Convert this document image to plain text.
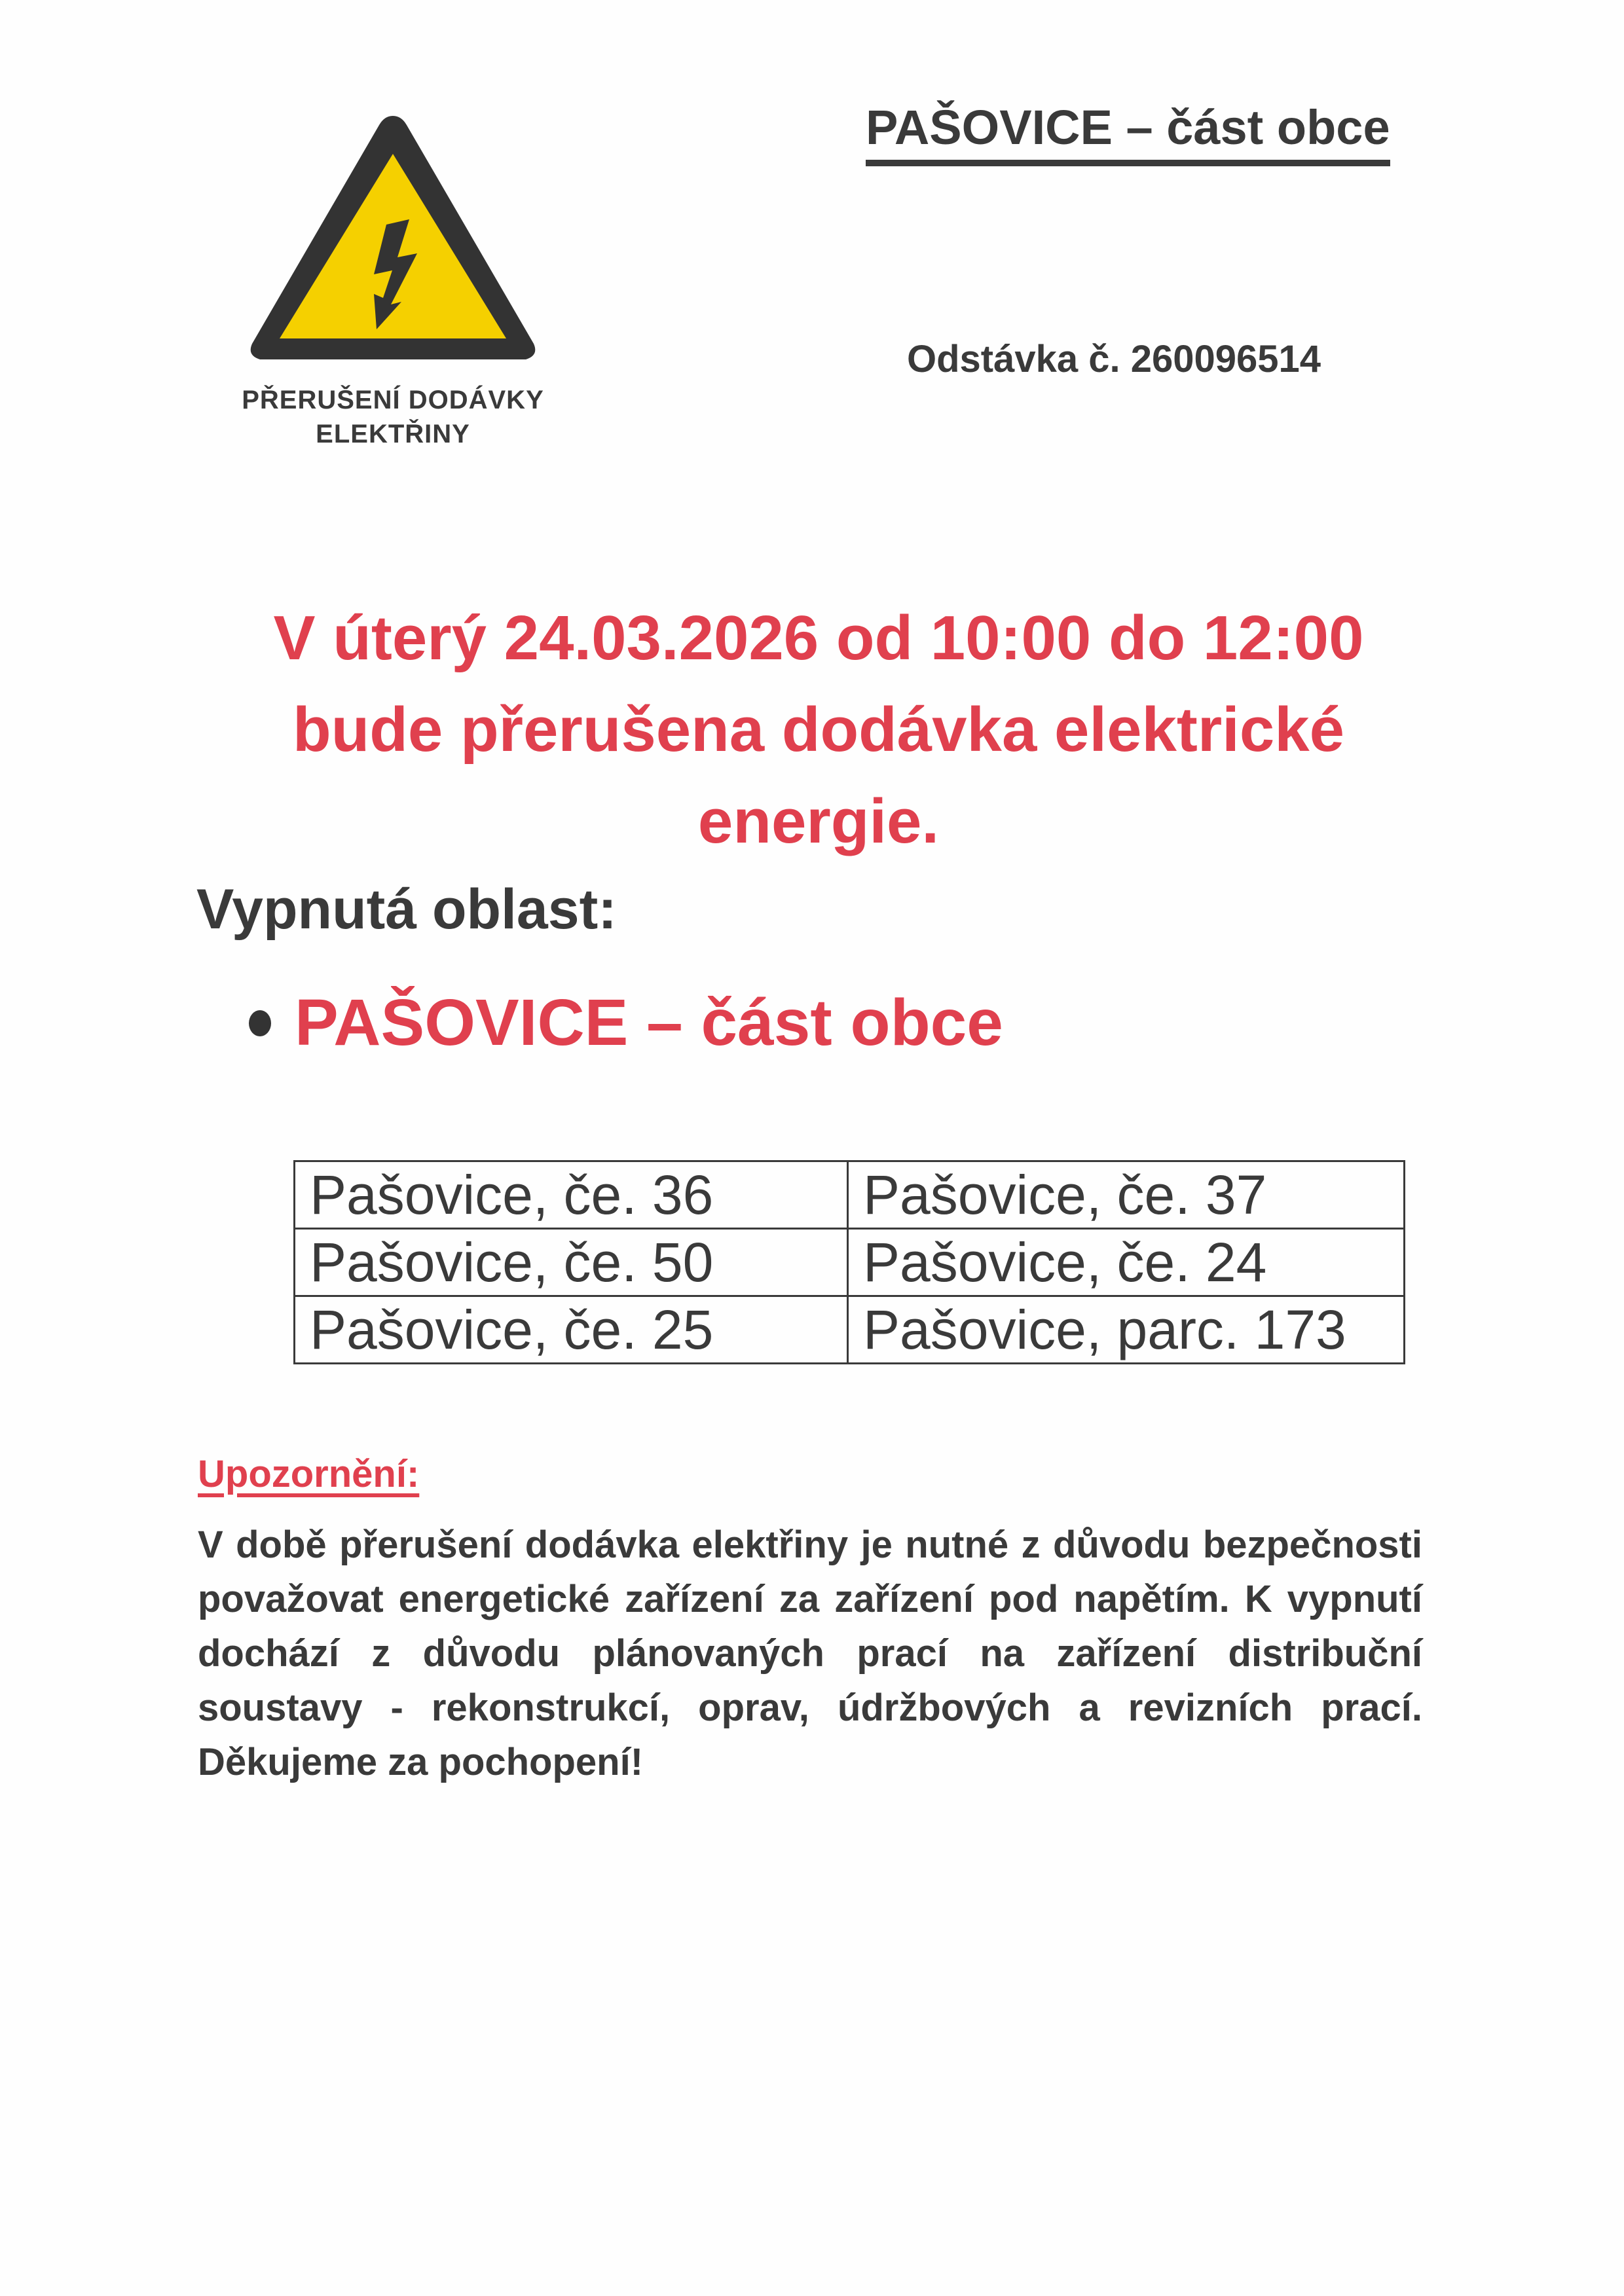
PŘERUŠENÍ DODÁVKY
ELEKTŘINY
PAŠOVICE – část obce
Odstávka č. 260096514
V úterý 24.03.2026 od 10:00 do 12:00
bude přerušena dodávka elektrické
energie.
Vypnutá oblast:
PAŠOVICE – část obce
Pašovice, če. 36	Pašovice, če. 37
Pašovice, če. 50	Pašovice, če. 24
Pašovice, če. 25	Pašovice, parc. 173
Upozornění:
V době přerušení dodávka elektřiny je nutné z důvodu bezpečnosti považovat energetické zařízení za zařízení pod napětím. K vypnutí dochází z důvodu plánovaných prací na zařízení distribuční soustavy - rekonstrukcí, oprav, údržbových a revizních prací. Děkujeme za pochopení!
